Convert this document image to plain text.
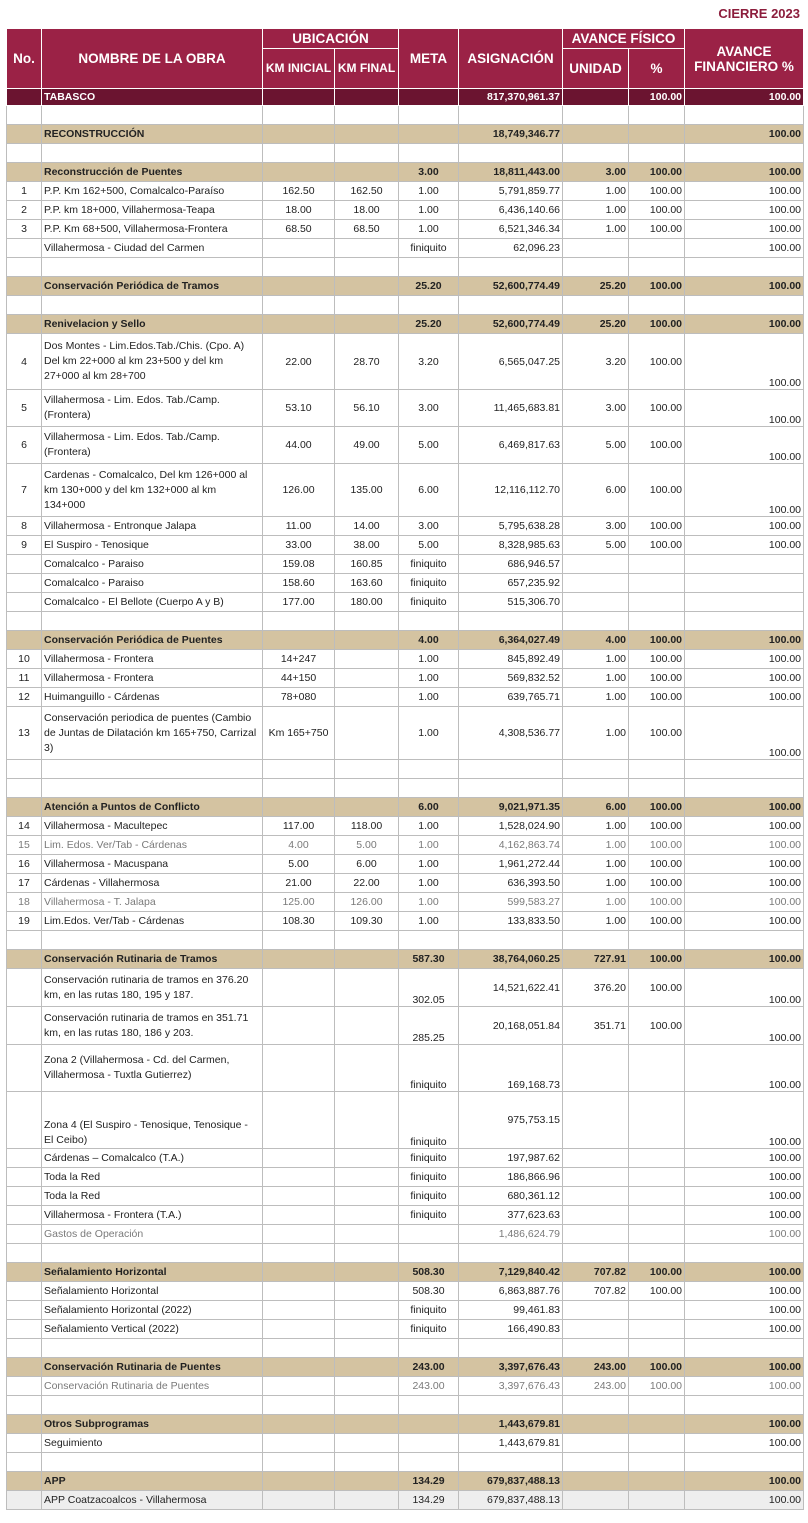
CIERRE 2023
No.	NOMBRE DE LA OBRA	UBICACIÓN		META	ASIGNACIÓN	AVANCE FÍSICO		AVANCE FINANCIERO %
		KM INICIAL	KM FINAL			UNIDAD	%	
	TABASCO				817,370,961.37		100.00	100.00

	RECONSTRUCCIÓN				18,749,346.77			100.00

	Reconstrucción de Puentes			3.00	18,811,443.00	3.00	100.00	100.00
1	P.P. Km 162+500, Comalcalco-Paraíso	162.50	162.50	1.00	5,791,859.77	1.00	100.00	100.00
2	P.P. km 18+000, Villahermosa-Teapa	18.00	18.00	1.00	6,436,140.66	1.00	100.00	100.00
3	P.P. Km 68+500, Villahermosa-Frontera	68.50	68.50	1.00	6,521,346.34	1.00	100.00	100.00
	Villahermosa - Ciudad del Carmen			finiquito	62,096.23			100.00

	Conservación Periódica de Tramos			25.20	52,600,774.49	25.20	100.00	100.00

	Renivelacion y Sello			25.20	52,600,774.49	25.20	100.00	100.00
4	Dos Montes - Lim.Edos.Tab./Chis. (Cpo. A) Del km 22+000 al km 23+500 y del km 27+000 al km 28+700	22.00	28.70	3.20	6,565,047.25	3.20	100.00	100.00
5	Villahermosa - Lim. Edos. Tab./Camp. (Frontera)	53.10	56.10	3.00	11,465,683.81	3.00	100.00	100.00
6	Villahermosa - Lim. Edos. Tab./Camp. (Frontera)	44.00	49.00	5.00	6,469,817.63	5.00	100.00	100.00
7	Cardenas - Comalcalco, Del km 126+000 al km 130+000 y del km 132+000 al km 134+000	126.00	135.00	6.00	12,116,112.70	6.00	100.00	100.00
8	Villahermosa - Entronque Jalapa	11.00	14.00	3.00	5,795,638.28	3.00	100.00	100.00
9	El Suspiro - Tenosique	33.00	38.00	5.00	8,328,985.63	5.00	100.00	100.00
	Comalcalco - Paraiso	159.08	160.85	finiquito	686,946.57			
	Comalcalco - Paraiso	158.60	163.60	finiquito	657,235.92			
	Comalcalco - El Bellote (Cuerpo A y B)	177.00	180.00	finiquito	515,306.70			

	Conservación Periódica de Puentes			4.00	6,364,027.49	4.00	100.00	100.00
10	Villahermosa - Frontera	14+247		1.00	845,892.49	1.00	100.00	100.00
11	Villahermosa - Frontera	44+150		1.00	569,832.52	1.00	100.00	100.00
12	Huimanguillo - Cárdenas	78+080		1.00	639,765.71	1.00	100.00	100.00
13	Conservación periodica de puentes (Cambio de Juntas de Dilatación km 165+750, Carrizal 3)	Km 165+750		1.00	4,308,536.77	1.00	100.00	100.00

	Atención a Puntos de Conflicto			6.00	9,021,971.35	6.00	100.00	100.00
14	Villahermosa - Macultepec	117.00	118.00	1.00	1,528,024.90	1.00	100.00	100.00
15	Lim. Edos. Ver/Tab - Cárdenas	4.00	5.00	1.00	4,162,863.74	1.00	100.00	100.00
16	Villahermosa - Macuspana	5.00	6.00	1.00	1,961,272.44	1.00	100.00	100.00
17	Cárdenas - Villahermosa	21.00	22.00	1.00	636,393.50	1.00	100.00	100.00
18	Villahermosa - T. Jalapa	125.00	126.00	1.00	599,583.27	1.00	100.00	100.00
19	Lim.Edos. Ver/Tab - Cárdenas	108.30	109.30	1.00	133,833.50	1.00	100.00	100.00

	Conservación Rutinaria de Tramos			587.30	38,764,060.25	727.91	100.00	100.00
	Conservación rutinaria de tramos en 376.20 km, en las rutas 180, 195 y 187.			302.05	14,521,622.41	376.20	100.00	100.00
	Conservación rutinaria de tramos en 351.71 km, en las rutas 180, 186 y 203.			285.25	20,168,051.84	351.71	100.00	100.00
	Zona 2 (Villahermosa - Cd. del Carmen, Villahermosa - Tuxtla Gutierrez)			finiquito	169,168.73			100.00
	Zona 4 (El Suspiro - Tenosique, Tenosique - El Ceibo)			finiquito	975,753.15			100.00
	Cárdenas – Comalcalco (T.A.)			finiquito	197,987.62			100.00
	Toda la Red			finiquito	186,866.96			100.00
	Toda la Red			finiquito	680,361.12			100.00
	Villahermosa - Frontera (T.A.)			finiquito	377,623.63			100.00
	Gastos de Operación				1,486,624.79			100.00

	Señalamiento Horizontal			508.30	7,129,840.42	707.82	100.00	100.00
	Señalamiento Horizontal			508.30	6,863,887.76	707.82	100.00	100.00
	Señalamiento Horizontal (2022)			finiquito	99,461.83			100.00
	Señalamiento Vertical (2022)			finiquito	166,490.83			100.00

	Conservación Rutinaria de Puentes			243.00	3,397,676.43	243.00	100.00	100.00
	Conservación Rutinaria de Puentes			243.00	3,397,676.43	243.00	100.00	100.00

	Otros Subprogramas				1,443,679.81			100.00
	Seguimiento				1,443,679.81			100.00

	APP			134.29	679,837,488.13			100.00
	APP Coatzacoalcos - Villahermosa			134.29	679,837,488.13			100.00
